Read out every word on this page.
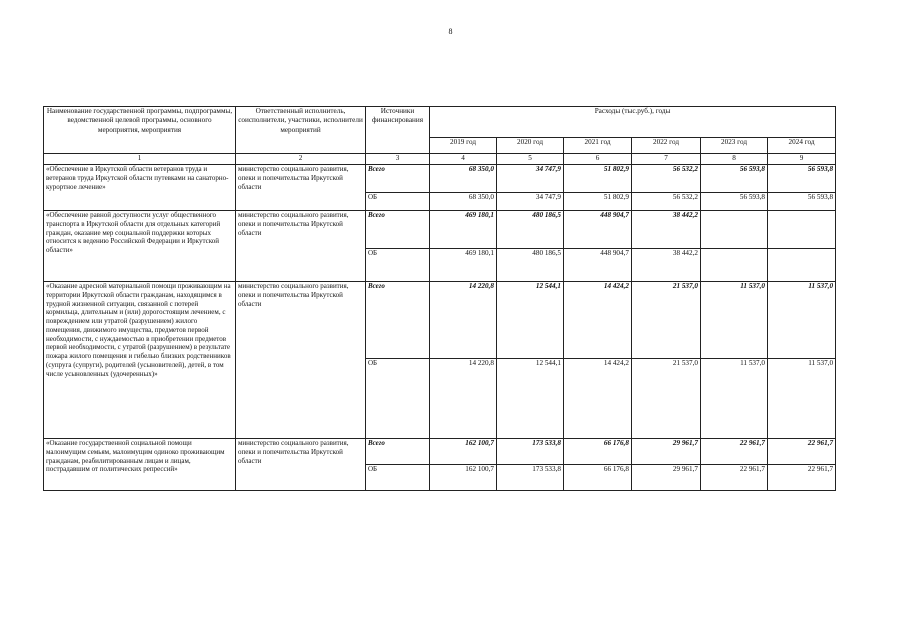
8
Наименование государственной программы, подпрограммы, ведомственной целевой программы, основного мероприятия, мероприятия	Ответственный исполнитель, соисполнители, участники, исполнители мероприятий	Источники финансирования	Расходы (тыс.руб.), годы					
			2019 год	2020 год	2021 год	2022 год	2023 год	2024 год
1	2	3	4	5	6	7	8	9
«Обеспечение в Иркутской области ветеранов труда и ветеранов труда Иркутской области путевками на санаторно-курортное лечение»	министерство социального развития, опеки и попечительства Иркутской области	Всего	68 350,0	34 747,9	51 802,9	56 532,2	56 593,8	56 593,8
		ОБ	68 350,0	34 747,9	51 802,9	56 532,2	56 593,8	56 593,8
«Обеспечение равной доступности услуг общественного транспорта в Иркутской области для отдельных категорий граждан, оказание мер социальной поддержки которых относится к ведению Российской Федерации и Иркутской области»	министерство социального развития, опеки и попечительства Иркутской области	Всего	469 180,1	480 186,5	448 904,7	38 442,2		
		ОБ	469 180,1	480 186,5	448 904,7	38 442,2		
«Оказание адресной материальной помощи проживающим на территории Иркутской области гражданам, находящимся в трудной жизненной ситуации, связанной с потерей кормильца, длительным и (или) дорогостоящим лечением, с повреждением или утратой (разрушением) жилого помещения, движимого имущества, предметов первой необходимости, с нуждаемостью в приобретении предметов первой необходимости, с утратой (разрушением) в результате пожара жилого помещения и гибелью близких родственников (супруга (супруги), родителей (усыновителей), детей, в том числе усыновленных (удочеренных)»	министерство социального развития, опеки и попечительства Иркутской области	Всего	14 220,8	12 544,1	14 424,2	21 537,0	11 537,0	11 537,0
		ОБ	14 220,8	12 544,1	14 424,2	21 537,0	11 537,0	11 537,0
«Оказание государственной социальной помощи малоимущим семьям, малоимущим одиноко проживающим гражданам, реабилитированным лицам и лицам, пострадавшим от политических репрессий»	министерство социального развития, опеки и попечительства Иркутской области	Всего	162 100,7	173 533,8	66 176,8	29 961,7	22 961,7	22 961,7
		ОБ	162 100,7	173 533,8	66 176,8	29 961,7	22 961,7	22 961,7
